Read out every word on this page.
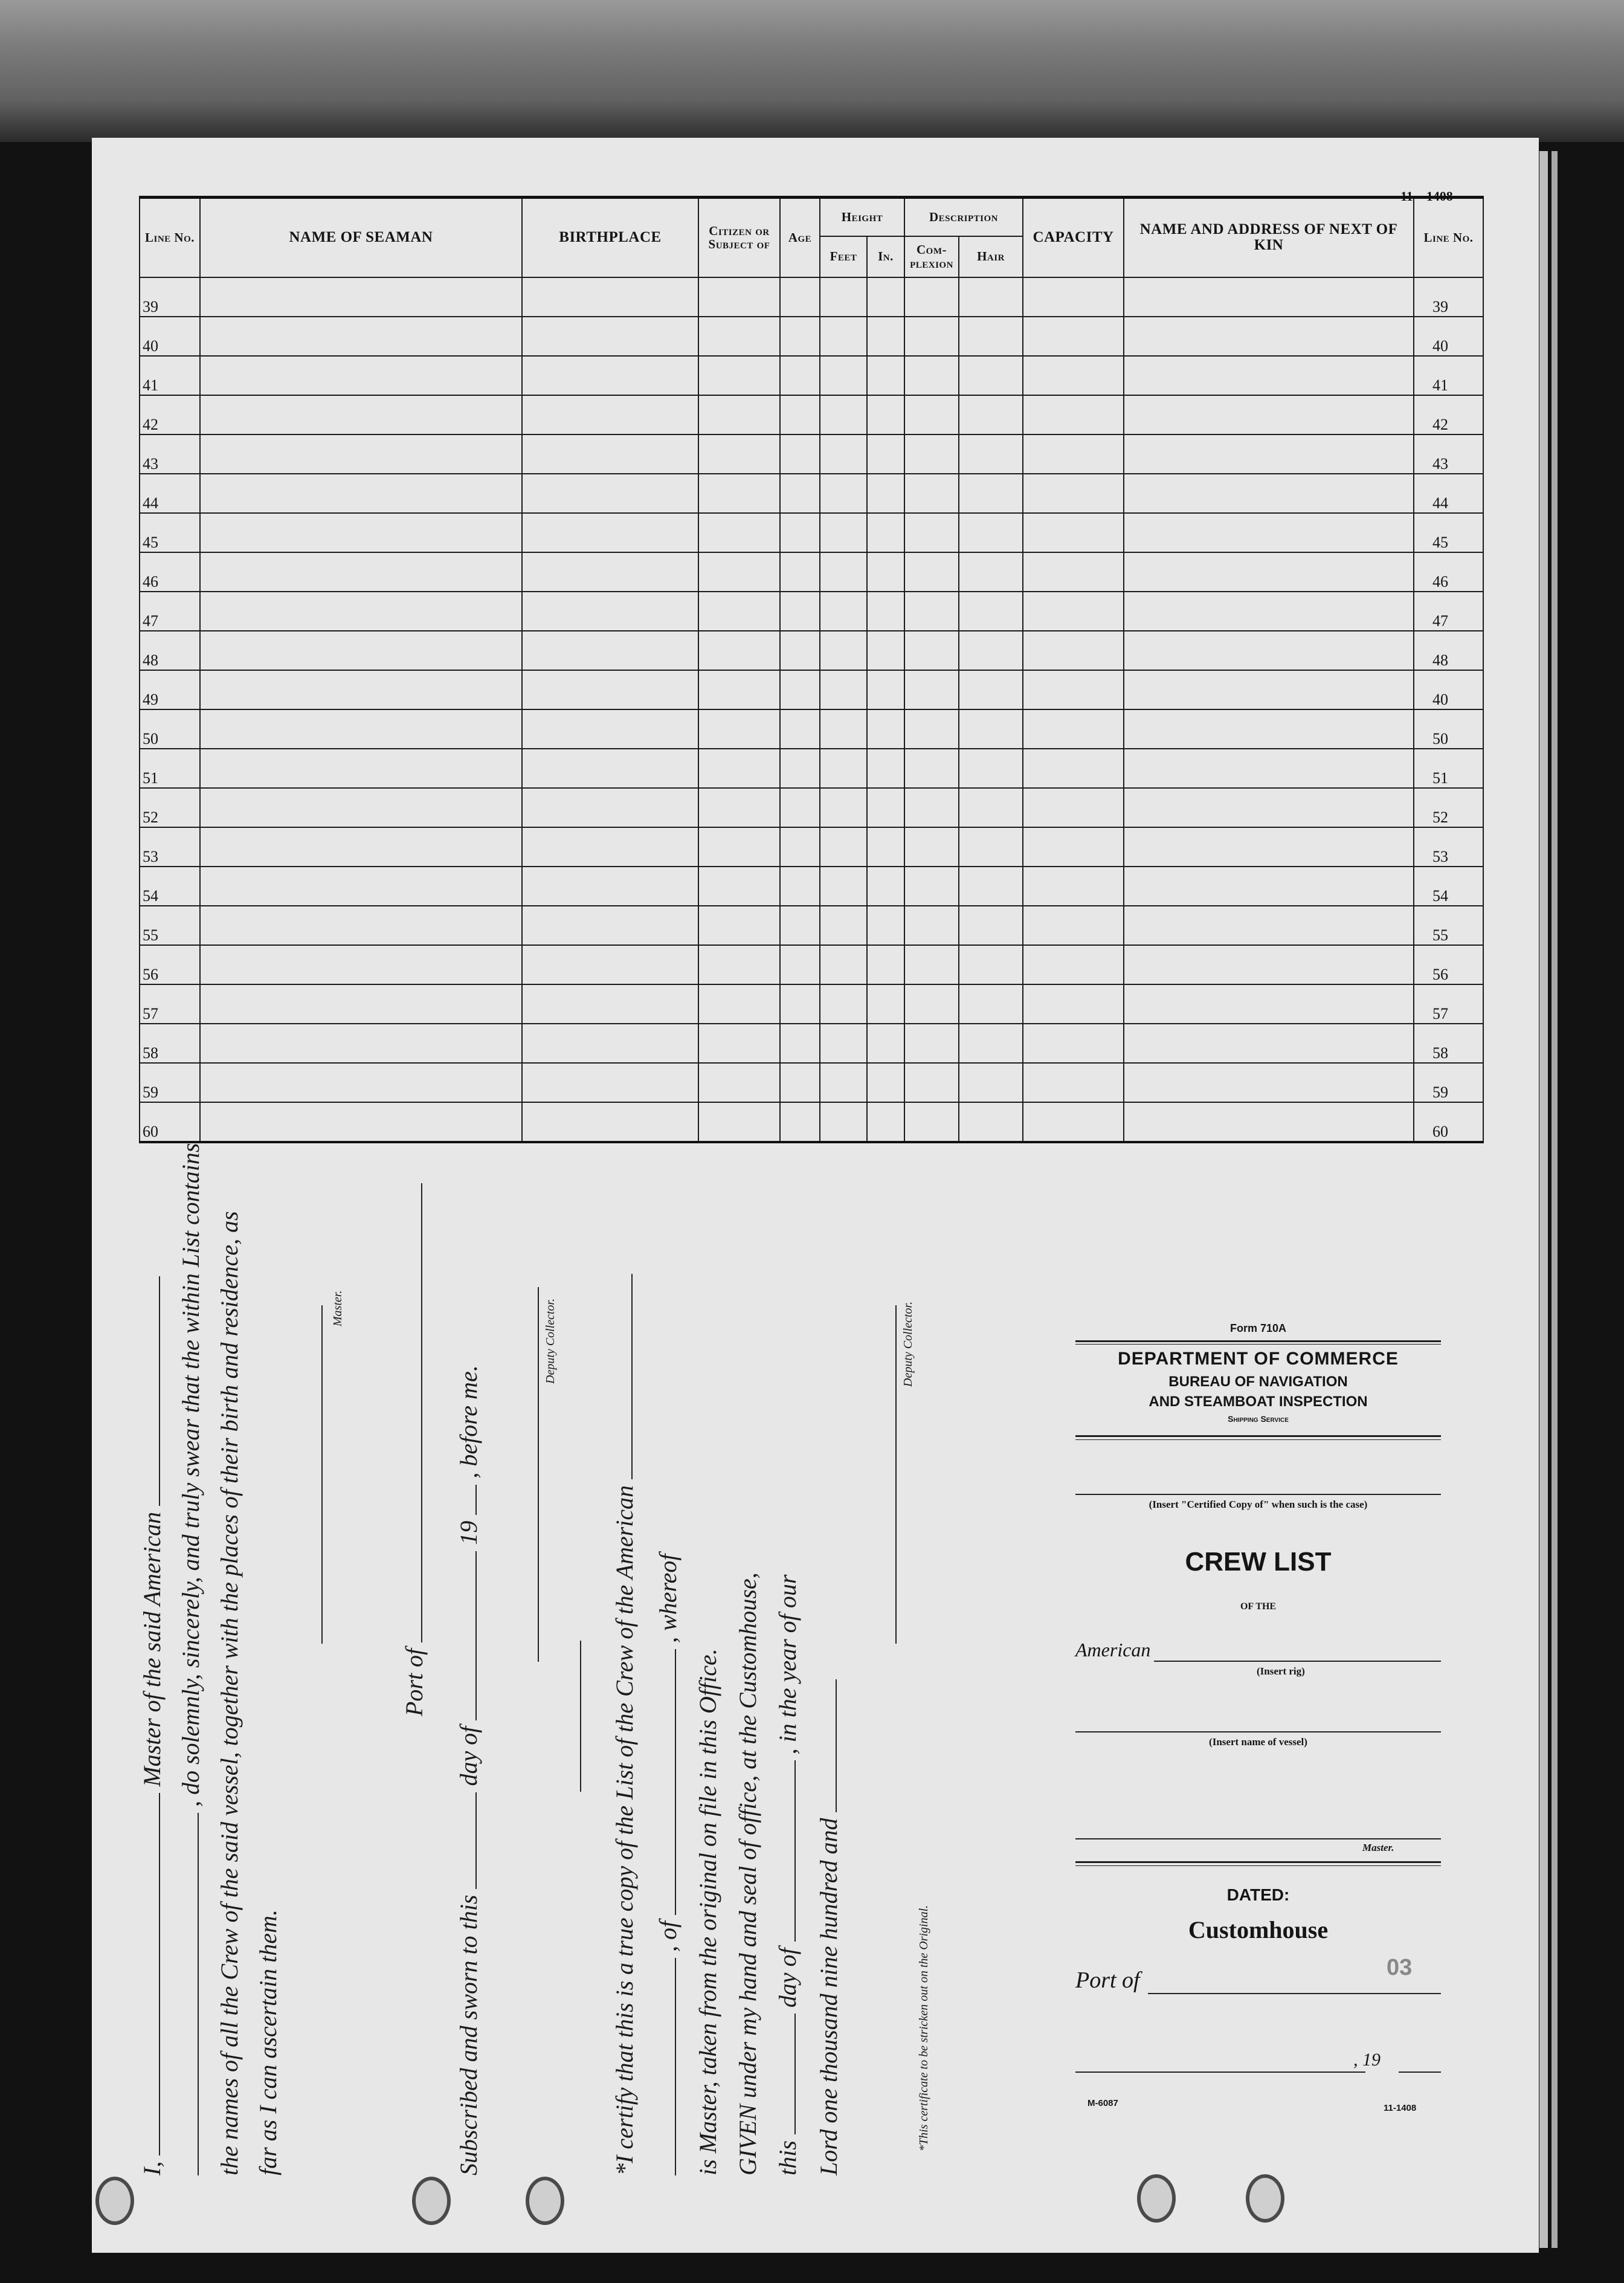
11—1408
Line No.	NAME OF SEAMAN	BIRTHPLACE	Citizen or Subject of	Age	Height		Description		CAPACITY	NAME AND ADDRESS OF NEXT OF KIN	Line No.
					Feet	In.	Com- plexion	Hair			
39											39
40											40
41											41
42											42
43											43
44											44
45											45
46											46
47											47
48											48
49											40
50											50
51											51
52											52
53											53
54											54
55											55
56											56
57											57
58											58
59											59
60											60
I,  Master of the said American , do solemnly, sincerely, and truly swear that the within List contains the names of all the Crew of the said vessel, together with the places of their birth and residence, as far as I can ascertain them.
Master.
Port of
Subscribed and sworn to this  day of  19  , before me.
Deputy Collector.
*I certify that this is a true copy of the List of the Crew of the American , of  , whereof
is Master, taken from the original on file in this Office. GIVEN under my hand and seal of office, at the Customhouse, this  day of  , in the year of our
Lord one thousand nine hundred and
Deputy Collector.
*This certificate to be stricken out on the Original.
Form 710A
DEPARTMENT OF COMMERCE
BUREAU OF NAVIGATION
AND STEAMBOAT INSPECTION
Shipping Service
(Insert "Certified Copy of" when such is the case)
CREW LIST
OF THE
American
(Insert rig)
(Insert name of vessel)
Master.
DATED:
Customhouse
Port of	03
, 19
M-6087	11-1408
